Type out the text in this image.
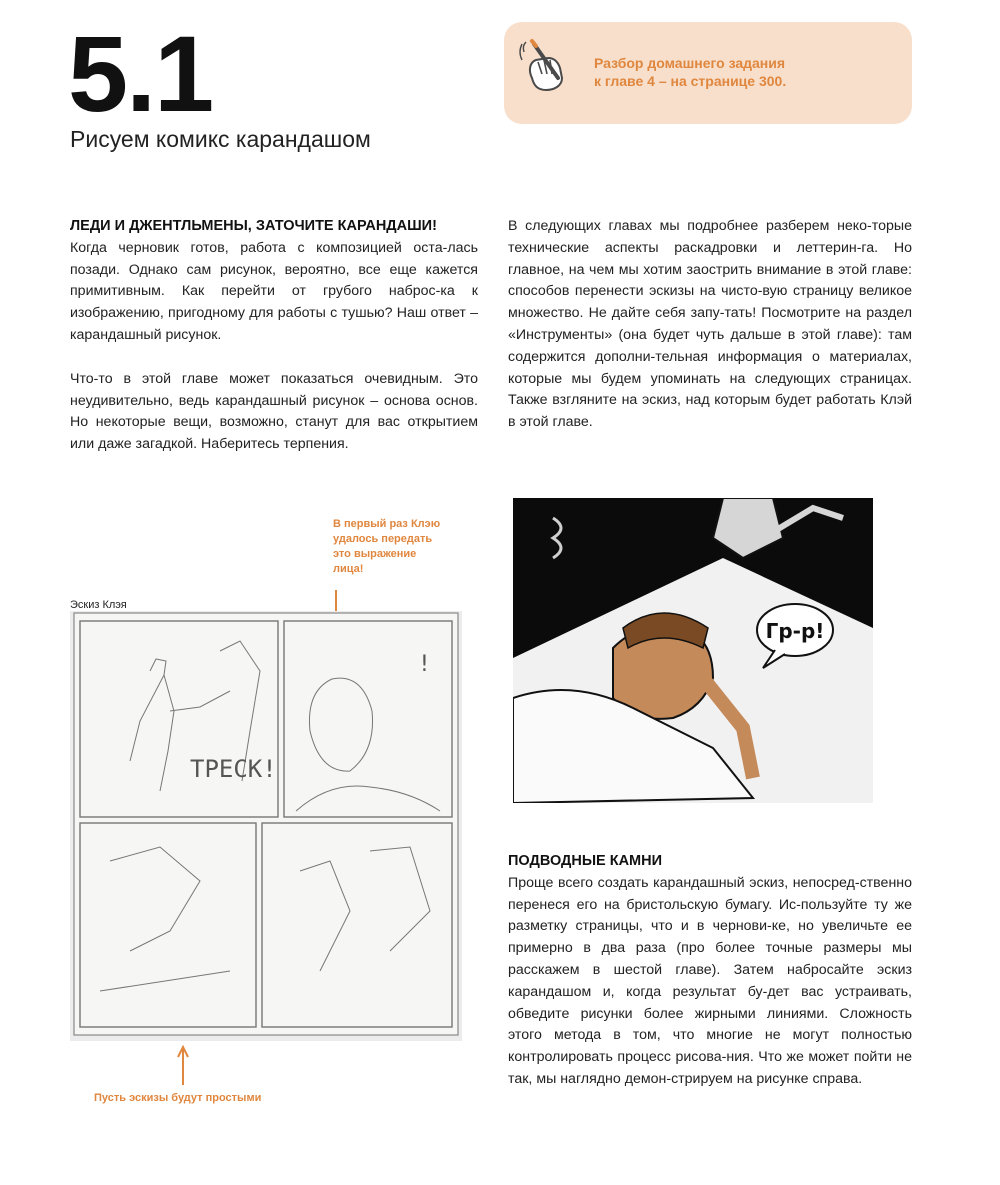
5.1
Рисуем комикс карандашом
Разбор домашнего задания
к главе 4 – на странице 300.
ЛЕДИ И ДЖЕНТЛЬМЕНЫ, ЗАТОЧИТЕ КАРАНДАШИ!

Когда черновик готов, работа с композицией оста-лась позади. Однако сам рисунок, вероятно, все еще кажется примитивным. Как перейти от грубого наброс-ка к изображению, пригодному для работы с тушью? Наш ответ – карандашный рисунок.

Что-то в этой главе может показаться очевидным. Это неудивительно, ведь карандашный рисунок – основа основ. Но некоторые вещи, возможно, станут для вас открытием или даже загадкой. Наберитесь терпения.

В следующих главах мы подробнее разберем неко-торые технические аспекты раскадровки и леттерин-га. Но главное, на чем мы хотим заострить внимание в этой главе: способов перенести эскизы на чисто-вую страницу великое множество. Не дайте себя запу-тать! Посмотрите на раздел «Инструменты» (она будет чуть дальше в этой главе): там содержится дополни-тельная информация о материалах, которые мы будем упоминать на следующих страницах. Также взгляните на эскиз, над которым будет работать Клэй в этой главе.

В первый раз Клэю удалось передать это выражение лица!
Эскиз Клэя
ТРЕСК!
!
Пусть эскизы будут простыми
Гр-р!
ПОДВОДНЫЕ КАМНИ

Проще всего создать карандашный эскиз, непосред-ственно перенеся его на бристольскую бумагу. Ис-пользуйте ту же разметку страницы, что и в чернови-ке, но увеличьте ее примерно в два раза (про более точные размеры мы расскажем в шестой главе). Затем набросайте эскиз карандашом и, когда результат бу-дет вас устраивать, обведите рисунки более жирными линиями. Сложность этого метода в том, что многие не могут полностью контролировать процесс рисова-ния. Что же может пойти не так, мы наглядно демон-стрируем на рисунке справа.
